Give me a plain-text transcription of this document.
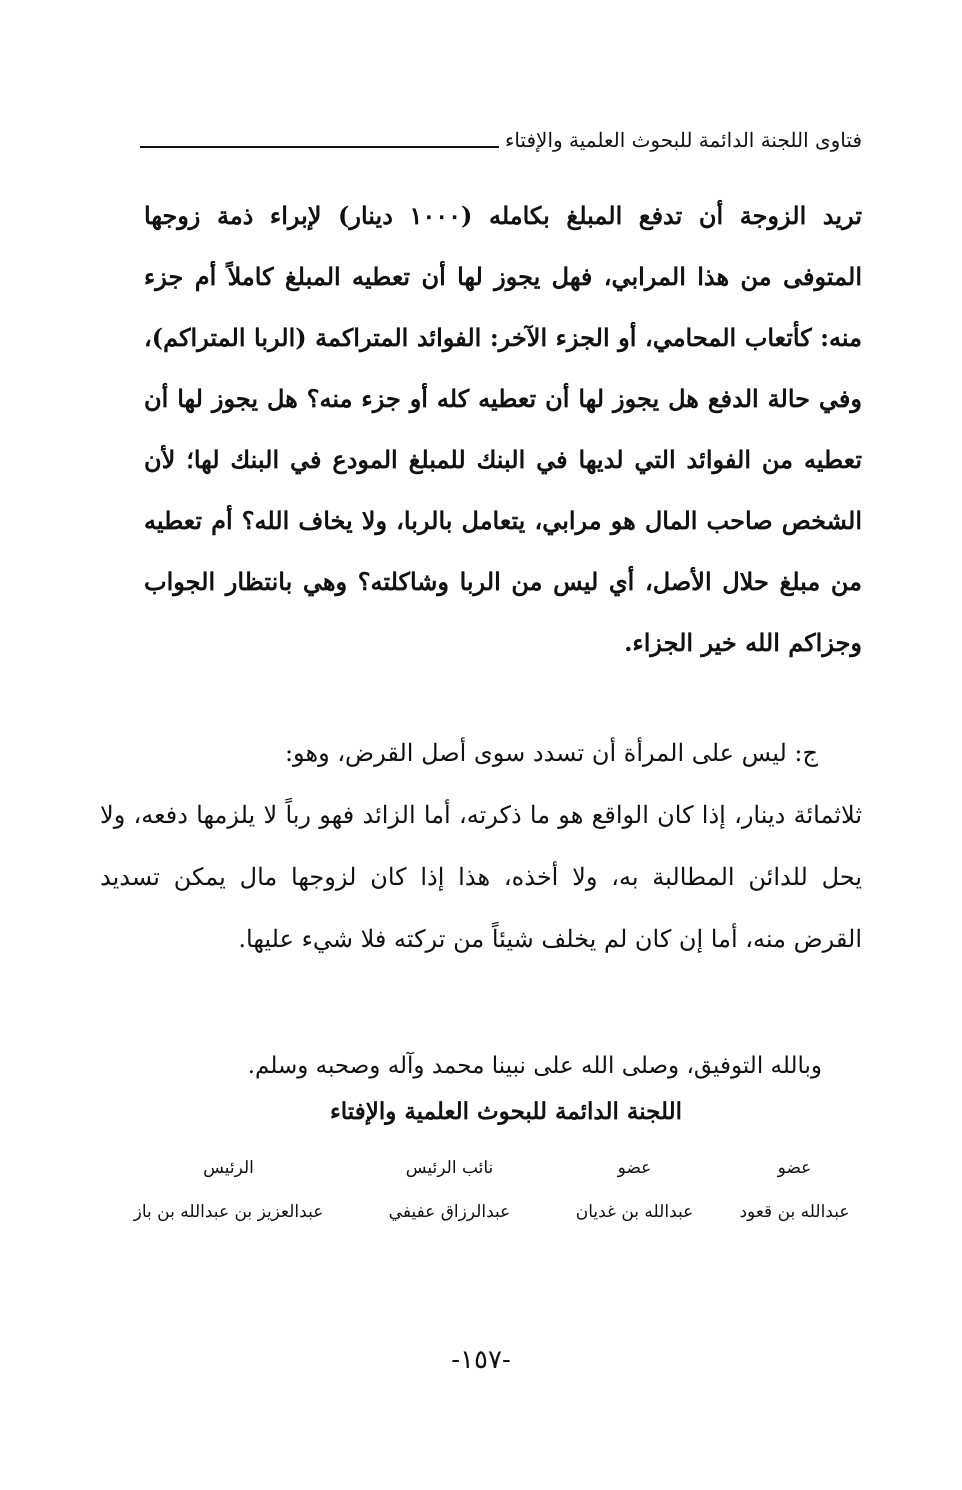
فتاوى اللجنة الدائمة للبحوث العلمية والإفتاء

تريد الزوجة أن تدفع المبلغ بكامله (١٠٠٠ دينار) لإبراء ذمة زوجها المتوفى من هذا المرابي، فهل يجوز لها أن تعطيه المبلغ كاملاً أم جزء منه: كأتعاب المحامي، أو الجزء الآخر: الفوائد المتراكمة (الربا المتراكم)، وفي حالة الدفع هل يجوز لها أن تعطيه كله أو جزء منه؟ هل يجوز لها أن تعطيه من الفوائد التي لديها في البنك للمبلغ المودع في البنك لها؛ لأن الشخص صاحب المال هو مرابي، يتعامل بالربا، ولا يخاف الله؟ أم تعطيه من مبلغ حلال الأصل، أي ليس من الربا وشاكلته؟ وهي بانتظار الجواب وجزاكم الله خير الجزاء.

ج: ليس على المرأة أن تسدد سوى أصل القرض، وهو:
ثلاثمائة دينار، إذا كان الواقع هو ما ذكرته، أما الزائد فهو رباً لا يلزمها دفعه، ولا يحل للدائن المطالبة به، ولا أخذه، هذا إذا كان لزوجها مال يمكن تسديد القرض منه، أما إن كان لم يخلف شيئاً من تركته فلا شيء عليها.

وبالله التوفيق، وصلى الله على نبينا محمد وآله وصحبه وسلم.

اللجنة الدائمة للبحوث العلمية والإفتاء

عضو
عضو
نائب الرئيس
الرئيس
عبدالله بن قعود
عبدالله بن غديان
عبدالرزاق عفيفي
عبدالعزيز بن عبدالله بن باز
-١٥٧-
